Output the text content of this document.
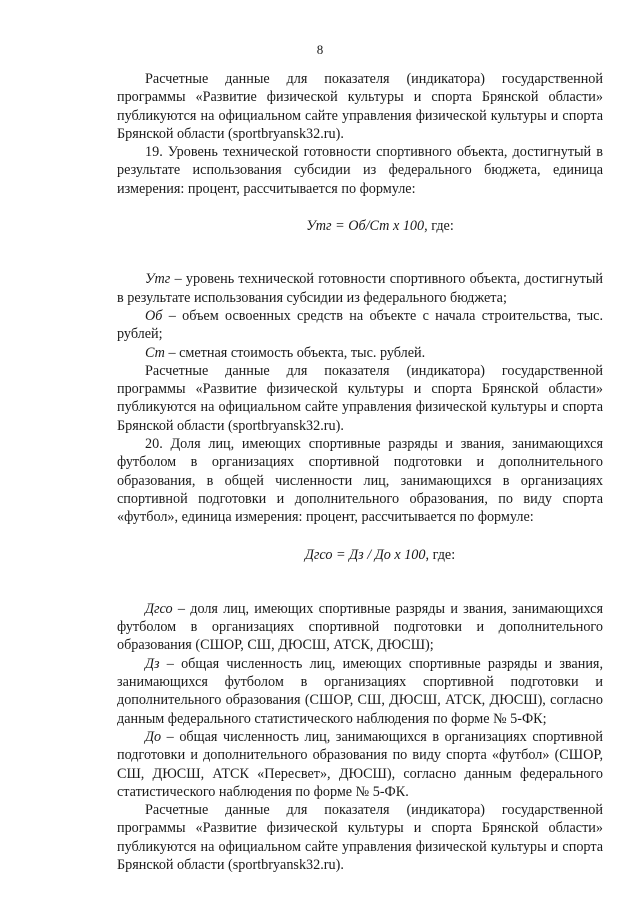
8

Расчетные данные для показателя (индикатора) государственной программы «Развитие физической культуры и спорта Брянской области» публикуются на официальном сайте управления физической культуры и спорта Брянской области (sportbryansk32.ru).

19. Уровень технической готовности спортивного объекта, достигнутый в результате использования субсидии из федерального бюджета, единица измерения: процент, рассчитывается по формуле:

Утг = Об/Ст х 100, где:

Утг – уровень технической готовности спортивного объекта, достигнутый в результате использования субсидии из федерального бюджета;

Об – объем освоенных средств на объекте с начала строительства, тыс. рублей;

Ст – сметная стоимость объекта, тыс. рублей.

Расчетные данные для показателя (индикатора) государственной программы «Развитие физической культуры и спорта Брянской области» публикуются на официальном сайте управления физической культуры и спорта Брянской области (sportbryansk32.ru).

20. Доля лиц, имеющих спортивные разряды и звания, занимающихся футболом в организациях спортивной подготовки и дополнительного образования, в общей численности лиц, занимающихся в организациях спортивной подготовки и дополнительного образования, по виду спорта «футбол», единица измерения: процент, рассчитывается по формуле:

Дгсо = Дз / До х 100, где:

Дгсо – доля лиц, имеющих спортивные разряды и звания, занимающихся футболом в организациях спортивной подготовки и дополнительного образования (СШОР, СШ, ДЮСШ, АТСК, ДЮСШ);

Дз – общая численность лиц, имеющих спортивные разряды и звания, занимающихся футболом в организациях спортивной подготовки и дополнительного образования (СШОР, СШ, ДЮСШ, АТСК, ДЮСШ), согласно данным федерального статистического наблюдения по форме № 5-ФК;

До – общая численность лиц, занимающихся в организациях спортивной подготовки и дополнительного образования по виду спорта «футбол» (СШОР, СШ, ДЮСШ, АТСК «Пересвет», ДЮСШ), согласно данным федерального статистического наблюдения по форме № 5-ФК.

Расчетные данные для показателя (индикатора) государственной программы «Развитие физической культуры и спорта Брянской области» публикуются на официальном сайте управления физической культуры и спорта Брянской области (sportbryansk32.ru).
